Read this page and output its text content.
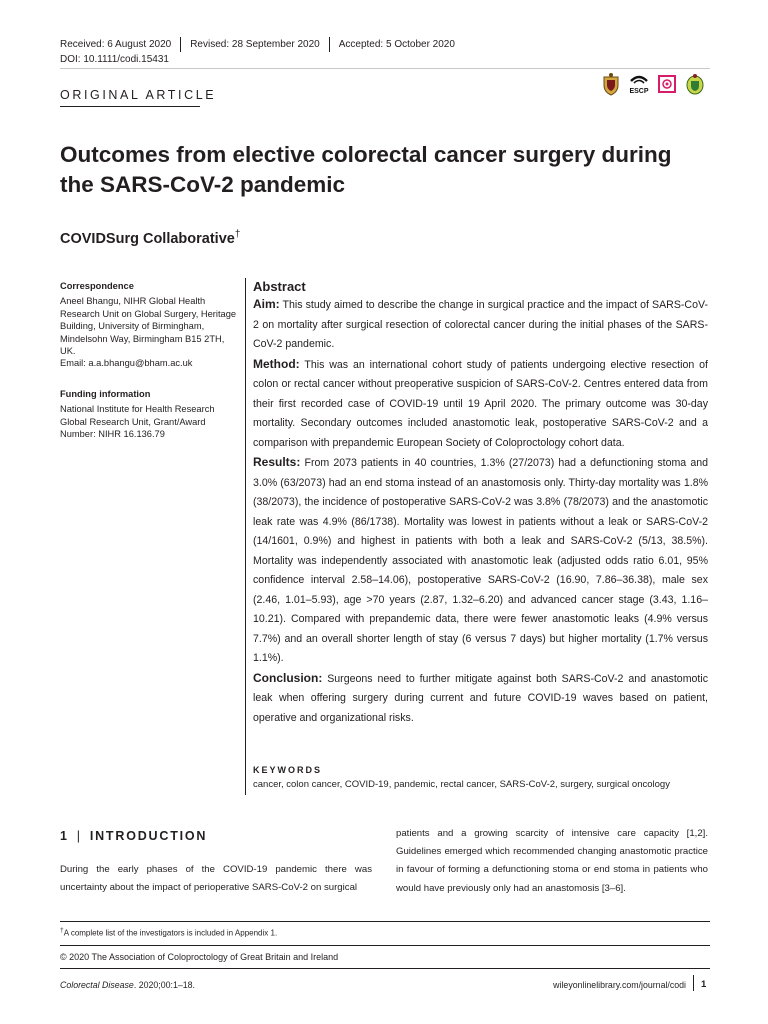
Received: 6 August 2020 Revised: 28 September 2020 Accepted: 5 October 2020
DOI: 10.1111/codi.15431
ESCP
ORIGINAL ARTICLE
Outcomes from elective colorectal cancer surgery during the SARS-CoV-2 pandemic
COVIDSurg Collaborative†
Correspondence
Aneel Bhangu, NIHR Global Health
Research Unit on Global Surgery, Heritage
Building, University of Birmingham,
Mindelsohn Way, Birmingham B15 2TH,
UK.
Email: a.a.bhangu@bham.ac.uk
Funding information
National Institute for Health Research
Global Research Unit, Grant/Award
Number: NIHR 16.136.79
Abstract

Aim: This study aimed to describe the change in surgical practice and the impact of SARS-CoV-2 on mortality after surgical resection of colorectal cancer during the initial phases of the SARS-CoV-2 pandemic.

Method: This was an international cohort study of patients undergoing elective resection of colon or rectal cancer without preoperative suspicion of SARS-CoV-2. Centres entered data from their first recorded case of COVID-19 until 19 April 2020. The primary outcome was 30-day mortality. Secondary outcomes included anastomotic leak, postoperative SARS-CoV-2 and a comparison with prepandemic European Society of Coloproctology cohort data.

Results: From 2073 patients in 40 countries, 1.3% (27/2073) had a defunctioning stoma and 3.0% (63/2073) had an end stoma instead of an anastomosis only. Thirty-day mortality was 1.8% (38/2073), the incidence of postoperative SARS-CoV-2 was 3.8% (78/2073) and the anastomotic leak rate was 4.9% (86/1738). Mortality was lowest in patients without a leak or SARS-CoV-2 (14/1601, 0.9%) and highest in patients with both a leak and SARS-CoV-2 (5/13, 38.5%). Mortality was independently associated with anastomotic leak (adjusted odds ratio 6.01, 95% confidence interval 2.58–14.06), postoperative SARS-CoV-2 (16.90, 7.86–36.38), male sex (2.46, 1.01–5.93), age >70 years (2.87, 1.32–6.20) and advanced cancer stage (3.43, 1.16–10.21). Compared with prepandemic data, there were fewer anastomotic leaks (4.9% versus 7.7%) and an overall shorter length of stay (6 versus 7 days) but higher mortality (1.7% versus 1.1%).

Conclusion: Surgeons need to further mitigate against both SARS-CoV-2 and anastomotic leak when offering surgery during current and future COVID-19 waves based on patient, operative and organizational risks.

KEYWORDS
cancer, colon cancer, COVID-19, pandemic, rectal cancer, SARS-CoV-2, surgery, surgical oncology
1 | INTRODUCTION
During the early phases of the COVID-19 pandemic there was uncertainty about the impact of perioperative SARS-CoV-2 on surgical
patients and a growing scarcity of intensive care capacity [1,2]. Guidelines emerged which recommended changing anastomotic practice in favour of forming a defunctioning stoma or end stoma in patients who would have previously only had an anastomosis [3–6].
†A complete list of the investigators is included in Appendix 1.
© 2020 The Association of Coloproctology of Great Britain and Ireland
Colorectal Disease. 2020;00:1–18.	wileyonlinelibrary.com/journal/codi 1
